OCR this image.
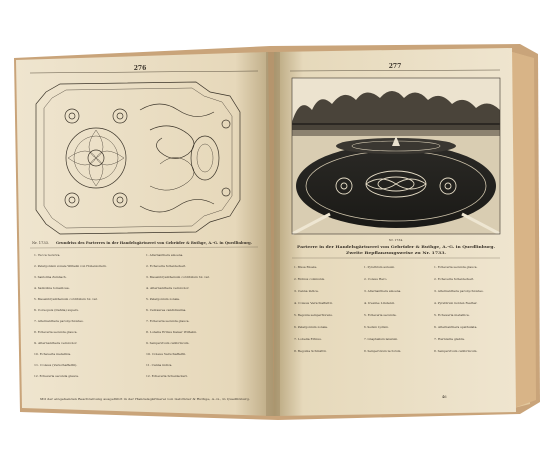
276
Nr. 1733. Grundriss des Parterres in der Handelsgärtnerei von Gebrüder & Ruthge, A.-G. in Quedlinburg.
1. Yucca recurva.
2. Pelargonium zonale Wilhelm von Hohenzollern.
3. Santolina Zumbach.
4. Santolina tomentosa.
5. Mesembryanthemum cordifolium fol. var.
6. Coreopsis (Dahlia) supers.
7. Alternanthera paronychioides.
8. Echeveria secunda glauca.
9. Alternanthera versicolor.
10. Echeveria metallica.
11. Coleus (Verschaffeltii).
12. Echeveria secunda glauca.
1. Alternanthera amoena.
2. Echeveria Scheideckeri.
3. Mesembryanthemum cordifolium fol. var.
4. Alternanthera versicolor.
5. Pelargonium zonale.
6. Centaurea candidissima.
7. Echeveria secunda glauca.
8. Lobelia Erinus Kaiser Wilhelm.
9. Sempervivum californicum.
10. Coleus Verschaffeltii.
11. Canna indica.
12. Echeveria Scheideckeri.
Mit der eingehenden Beschreibung ausgeführt in der Handelsgärtnerei von Gebrüder & Ruthge, A.-G., in Quedlinburg.
277
Nr. 1734.
Parterre in der Handelsgärtnerei von Gebrüder & Ruthge, A.-G. in Quedlinburg.
Zweite Bepflanzungsweise zu Nr. 1733.
1. Musa Ensete.
2. Ricinus communis.
3. Canna indica.
4. Coleus Verschaffeltii.
5. Begonia semperflorens.
6. Pelargonium zonale.
7. Lobelia Erinus.
8. Begonia Schmidtii.
1. Pyrethrum aureum.
2. Coleus Hero.
3. Alternanthera amoena.
4. Iresine Lindenii.
5. Echeveria secunda.
6. Sedum Lydium.
7. Gnaphalium lanatum.
8. Sempervivum tectorum.
1. Echeveria secunda glauca.
2. Echeveria Scheideckeri.
3. Alternanthera paronychioides.
4. Pyrethrum Golden Feather.
5. Echeveria metallica.
6. Alternanthera spathulata.
7. Herniaria glabra.
8. Sempervivum californicum.
46
